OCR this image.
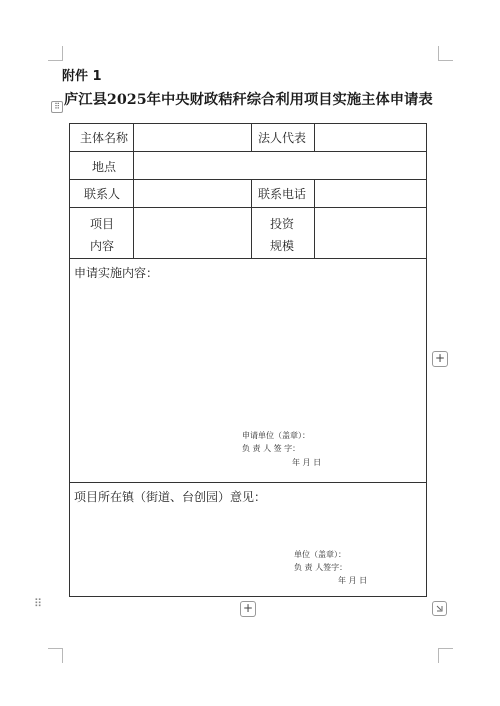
附件 1
庐江县2025年中央财政秸秆综合利用项目实施主体申请表
⠿
主体名称	法人代表
地点
联系人	联系电话
项目
内容
投资
规模
申请实施内容：
申请单位（盖章）：
负 责 人 签 字：
年 月 日
项目所在镇（街道、台创园）意见：
单位（盖章）：
负 责 人签字：
年 月 日
+
+
⠿
